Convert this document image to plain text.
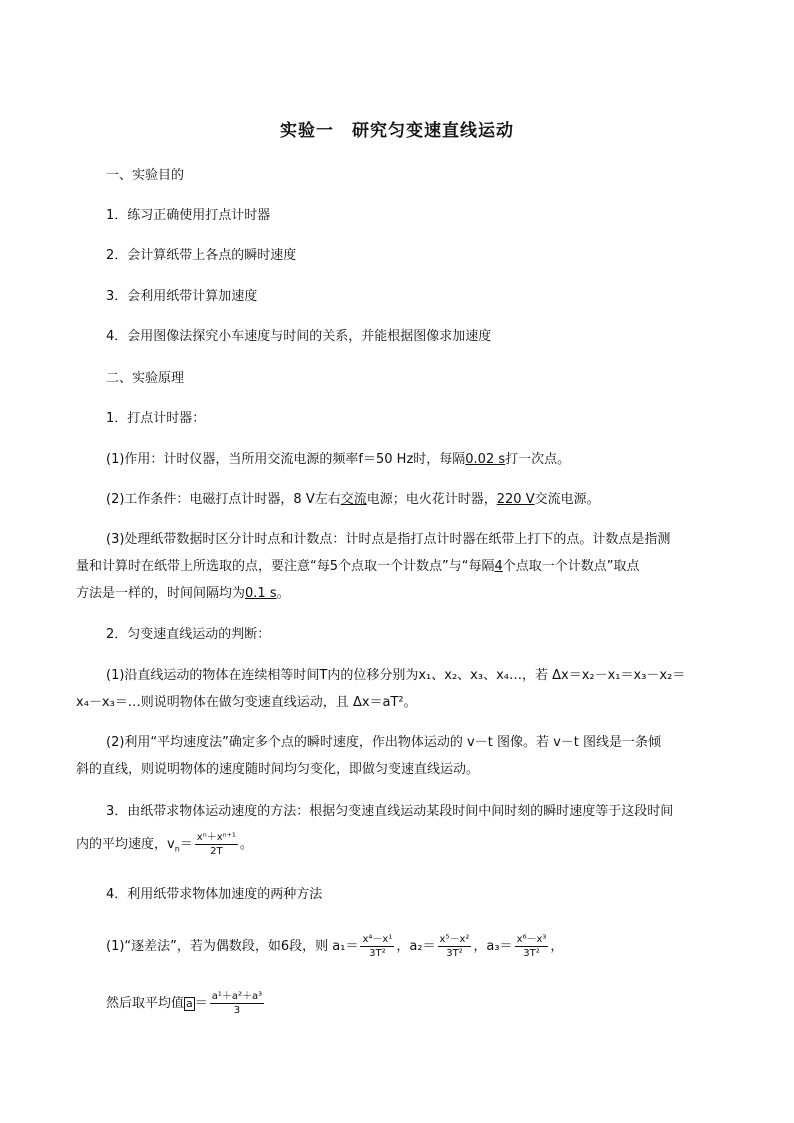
实验一　研究匀变速直线运动
一、实验目的
1．练习正确使用打点计时器
2．会计算纸带上各点的瞬时速度
3．会利用纸带计算加速度
4．会用图像法探究小车速度与时间的关系，并能根据图像求加速度
二、实验原理
1．打点计时器：
(1)作用：计时仪器，当所用交流电源的频率f＝50 Hz时，每隔0.02 s打一次点。
(2)工作条件：电磁打点计时器，8 V左右交流电源；电火花计时器，220 V交流电源。
(3)处理纸带数据时区分计时点和计数点：计时点是指打点计时器在纸带上打下的点。计数点是指测
量和计算时在纸带上所选取的点，要注意“每5个点取一个计数点”与“每隔4个点取一个计数点”取点
方法是一样的，时间间隔均为0.1 s。
2．匀变速直线运动的判断：
(1)沿直线运动的物体在连续相等时间T内的位移分别为x₁、x₂、x₃、x₄…，若 Δx＝x₂－x₁＝x₃－x₂＝
x₄－x₃＝…则说明物体在做匀变速直线运动，且 Δx＝aT²。
(2)利用“平均速度法”确定多个点的瞬时速度，作出物体运动的 v－t 图像。若 v－t 图线是一条倾
斜的直线，则说明物体的速度随时间均匀变化，即做匀变速直线运动。
3．由纸带求物体运动速度的方法：根据匀变速直线运动某段时间中间时刻的瞬时速度等于这段时间
内的平均速度，$v_n= \frac{\text{xⁿ＋xⁿ⁺¹}}{2T}$ 。
4．利用纸带求物体加速度的两种方法
(1)“逐差法”，若为偶数段，如6段，则 $a_1= \frac{\text{x⁴－x¹}}{\text{3T²}}$ ，$a_2= \frac{\text{x⁵－x²}}{\text{3T²}}$ ，$a_3= \frac{\text{x⁶－x³}}{\text{3T²}}$ ，
然后取平均值 $a = \frac{\text{a¹＋a²＋a³}}{3}$
